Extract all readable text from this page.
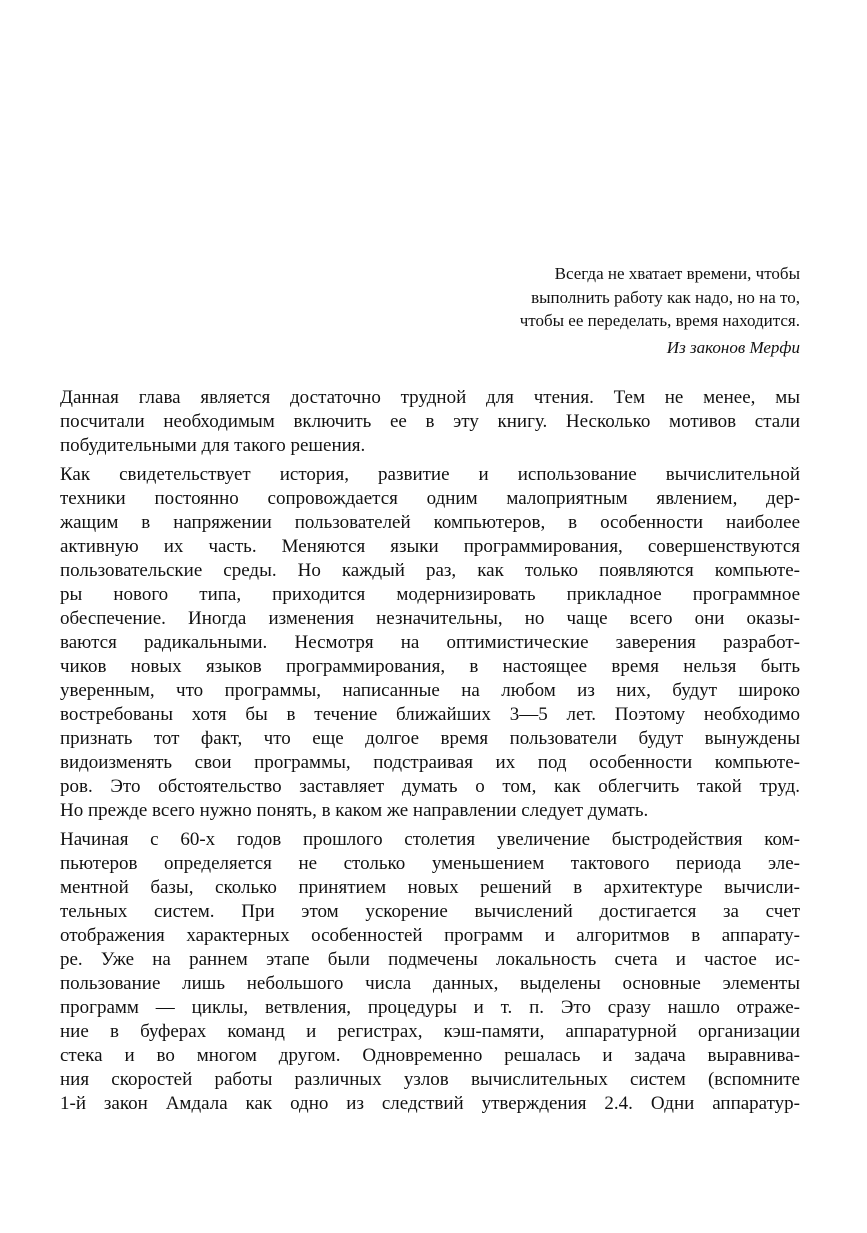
Всегда не хватает времени, чтобы
выполнить работу как надо, но на то,
чтобы ее переделать, время находится.
Из законов Мерфи
Данная глава является достаточно трудной для чтения. Тем не менее, мы
посчитали необходимым включить ее в эту книгу. Несколько мотивов стали
побудительными для такого решения.
Как свидетельствует история, развитие и использование вычислительной
техники постоянно сопровождается одним малоприятным явлением, дер-
жащим в напряжении пользователей компьютеров, в особенности наиболее
активную их часть. Меняются языки программирования, совершенствуются
пользовательские среды. Но каждый раз, как только появляются компьюте-
ры нового типа, приходится модернизировать прикладное программное
обеспечение. Иногда изменения незначительны, но чаще всего они оказы-
ваются радикальными. Несмотря на оптимистические заверения разработ-
чиков новых языков программирования, в настоящее время нельзя быть
уверенным, что программы, написанные на любом из них, будут широко
востребованы хотя бы в течение ближайших 3—5 лет. Поэтому необходимо
признать тот факт, что еще долгое время пользователи будут вынуждены
видоизменять свои программы, подстраивая их под особенности компьюте-
ров. Это обстоятельство заставляет думать о том, как облегчить такой труд.
Но прежде всего нужно понять, в каком же направлении следует думать.
Начиная с 60-х годов прошлого столетия увеличение быстродействия ком-
пьютеров определяется не столько уменьшением тактового периода эле-
ментной базы, сколько принятием новых решений в архитектуре вычисли-
тельных систем. При этом ускорение вычислений достигается за счет
отображения характерных особенностей программ и алгоритмов в аппарату-
ре. Уже на раннем этапе были подмечены локальность счета и частое ис-
пользование лишь небольшого числа данных, выделены основные элементы
программ — циклы, ветвления, процедуры и т. п. Это сразу нашло отраже-
ние в буферах команд и регистрах, кэш-памяти, аппаратурной организации
стека и во многом другом. Одновременно решалась и задача выравнива-
ния скоростей работы различных узлов вычислительных систем (вспомните
1-й закон Амдала как одно из следствий утверждения 2.4. Одни аппаратур-
